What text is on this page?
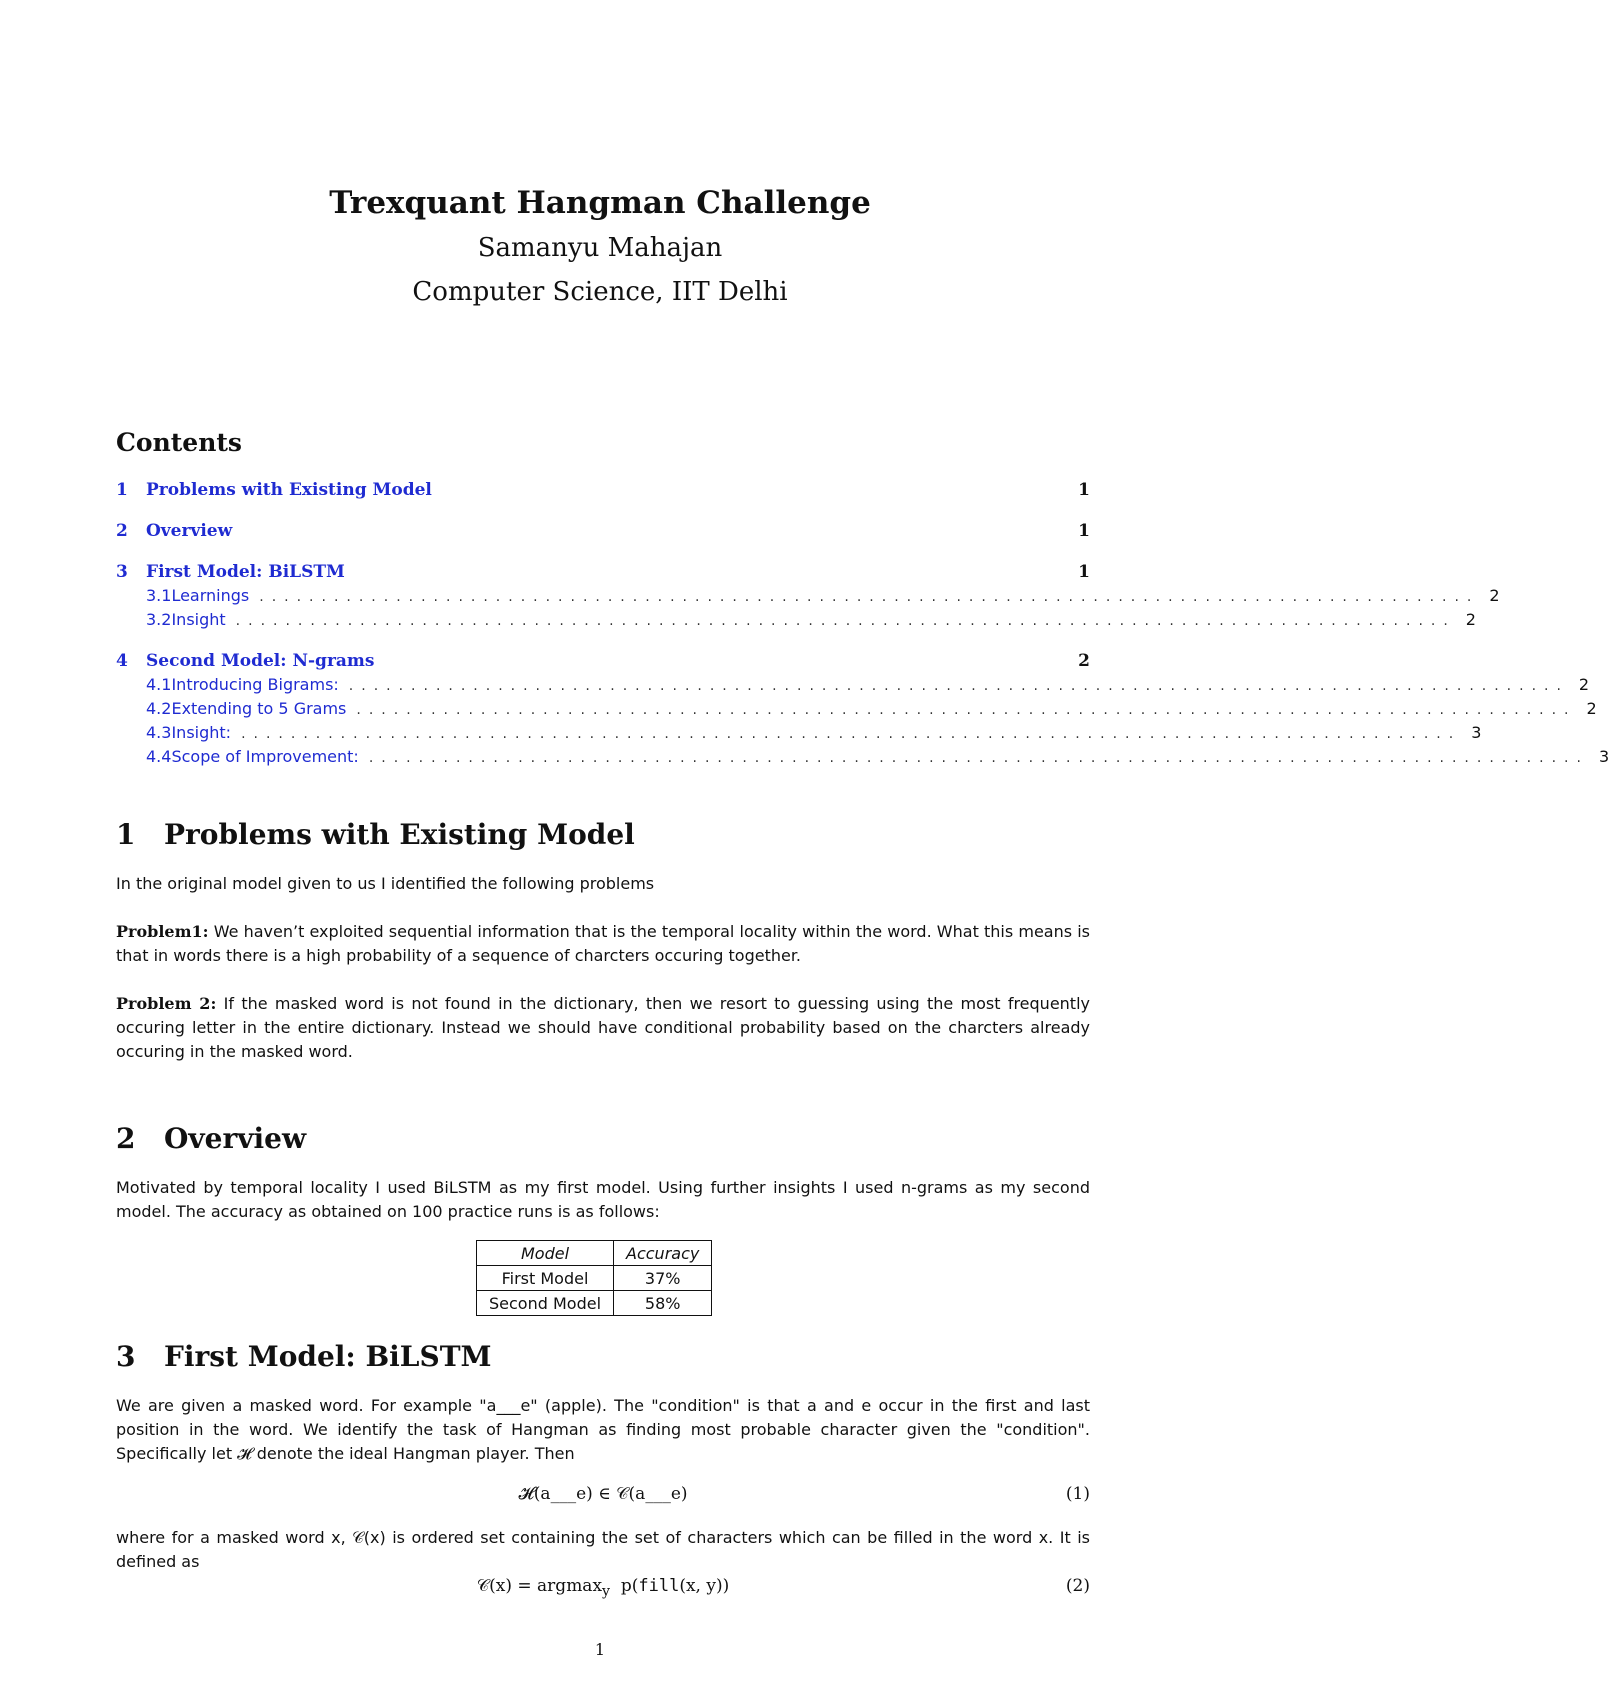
Trexquant Hangman Challenge
Samanyu Mahajan
Computer Science, IIT Delhi
Contents
1	Problems with Existing Model	1
2	Overview	1
3	First Model: BiLSTM	1
3.1 Learnings .................................................................................................. 2
3.2 Insight .................................................................................................. 2
4	Second Model: N-grams	2
4.1 Introducing Bigrams: .................................................................................................. 2
4.2 Extending to 5 Grams .................................................................................................. 2
4.3 Insight: .................................................................................................. 3
4.4 Scope of Improvement: .................................................................................................. 3
1 Problems with Existing Model
In the original model given to us I identified the following problems
Problem1: We haven’t exploited sequential information that is the temporal locality within the word. What this means is that in words there is a high probability of a sequence of charcters occuring together.
Problem 2: If the masked word is not found in the dictionary, then we resort to guessing using the most frequently occuring letter in the entire dictionary. Instead we should have conditional probability based on the charcters already occuring in the masked word.
2 Overview
Motivated by temporal locality I used BiLSTM as my first model. Using further insights I used n-grams as my second model. The accuracy as obtained on 100 practice runs is as follows:
Model	Accuracy
First Model	37%
Second Model	58%
3 First Model: BiLSTM
We are given a masked word. For example "a___e" (apple). The "condition" is that a and e occur in the first and last position in the word. We identify the task of Hangman as finding most probable character given the "condition". Specifically let 𝓗 denote the ideal Hangman player. Then
𝓗(a___e) ∈ 𝒞(a___e)	(1)
where for a masked word x, 𝒞(x) is ordered set containing the set of characters which can be filled in the word x. It is defined as
𝒞(x) = argmax$_y$ p(fill(x, y))	(2)
1
